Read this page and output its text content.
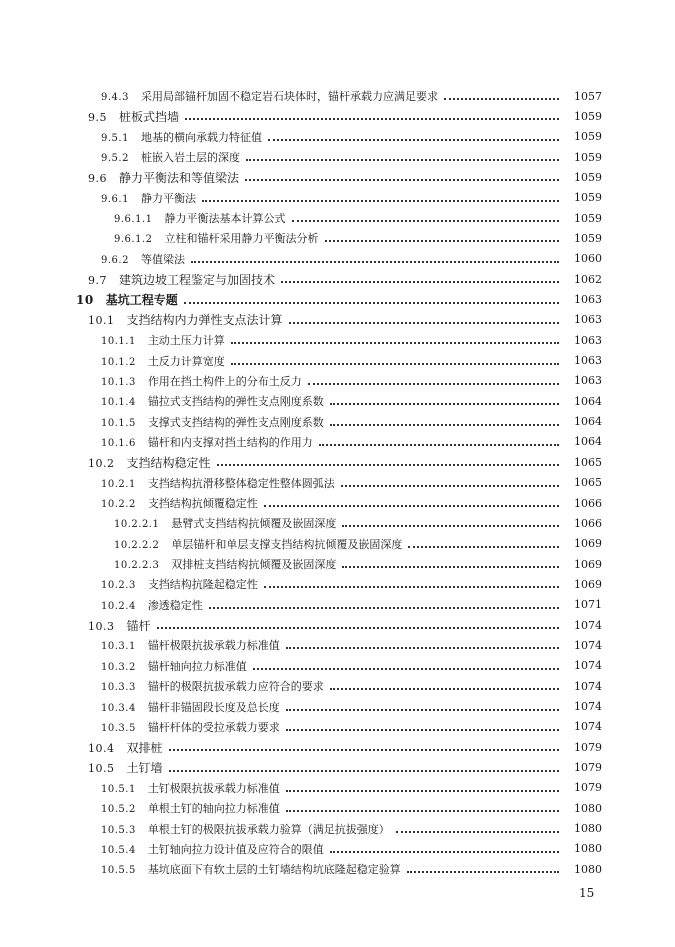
9.4.3 采用局部锚杆加固不稳定岩石块体时，锚杆承载力应满足要求	1057
9.5 桩板式挡墙	1059
9.5.1 地基的横向承载力特征值	1059
9.5.2 桩嵌入岩土层的深度	1059
9.6 静力平衡法和等值梁法	1059
9.6.1 静力平衡法	1059
9.6.1.1 静力平衡法基本计算公式	1059
9.6.1.2 立柱和锚杆采用静力平衡法分析	1059
9.6.2 等值梁法	1060
9.7 建筑边坡工程鉴定与加固技术	1062
10 基坑工程专题	1063
10.1 支挡结构内力弹性支点法计算	1063
10.1.1 主动土压力计算	1063
10.1.2 土反力计算宽度	1063
10.1.3 作用在挡土构件上的分布土反力	1063
10.1.4 锚拉式支挡结构的弹性支点刚度系数	1064
10.1.5 支撑式支挡结构的弹性支点刚度系数	1064
10.1.6 锚杆和内支撑对挡土结构的作用力	1064
10.2 支挡结构稳定性	1065
10.2.1 支挡结构抗滑移整体稳定性整体圆弧法	1065
10.2.2 支挡结构抗倾覆稳定性	1066
10.2.2.1 悬臂式支挡结构抗倾覆及嵌固深度	1066
10.2.2.2 单层锚杆和单层支撑支挡结构抗倾覆及嵌固深度	1069
10.2.2.3 双排桩支挡结构抗倾覆及嵌固深度	1069
10.2.3 支挡结构抗隆起稳定性	1069
10.2.4 渗透稳定性	1071
10.3 锚杆	1074
10.3.1 锚杆极限抗拔承载力标准值	1074
10.3.2 锚杆轴向拉力标准值	1074
10.3.3 锚杆的极限抗拔承载力应符合的要求	1074
10.3.4 锚杆非锚固段长度及总长度	1074
10.3.5 锚杆杆体的受拉承载力要求	1074
10.4 双排桩	1079
10.5 土钉墙	1079
10.5.1 土钉极限抗拔承载力标准值	1079
10.5.2 单根土钉的轴向拉力标准值	1080
10.5.3 单根土钉的极限抗拔承载力验算（满足抗拔强度）	1080
10.5.4 土钉轴向拉力设计值及应符合的限值	1080
10.5.5 基坑底面下有软土层的土钉墙结构坑底隆起稳定验算	1080
15
